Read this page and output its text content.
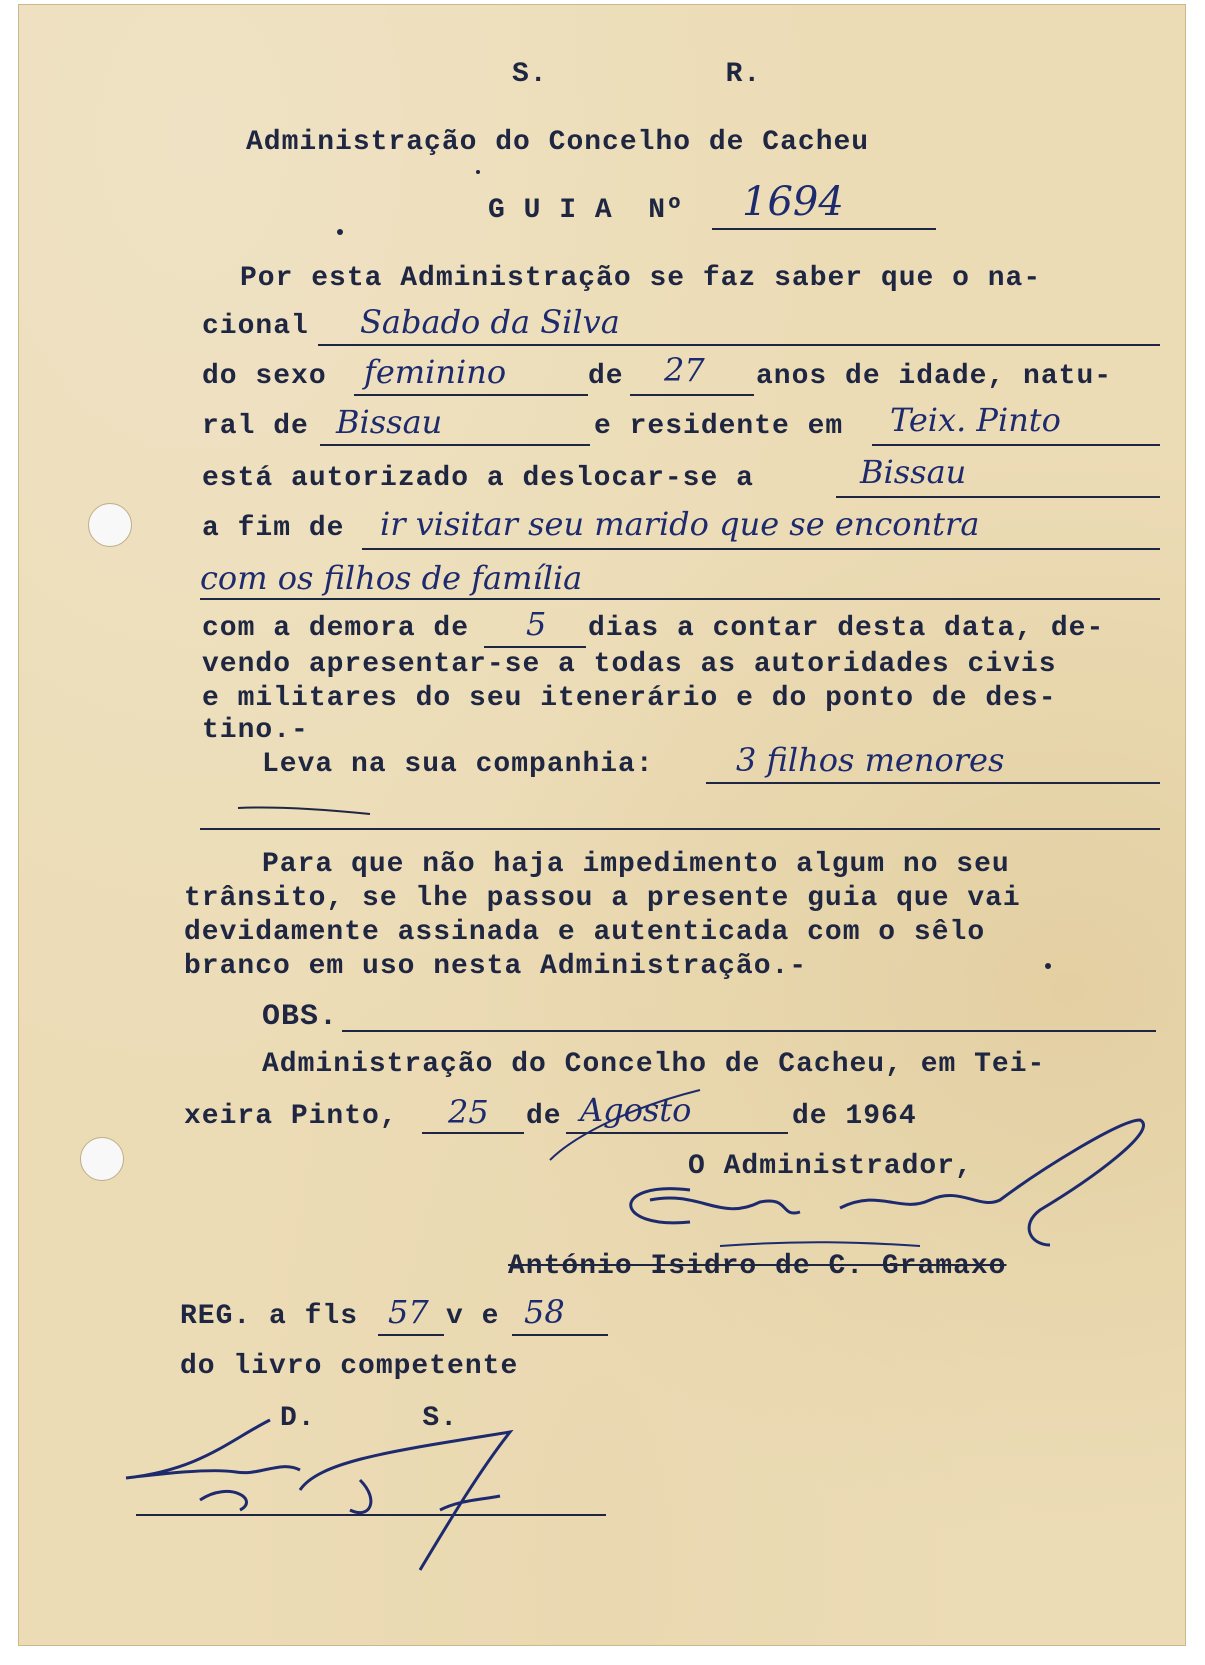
S.          R.
Administração do Concelho de Cacheu
G U I A  Nº 1694
Por esta Administração se faz saber que o na-
cional Sabado da Silva
do sexo feminino	de 27 anos de idade, natu-
ral de Bissau	e residente em Teix. Pinto
está autorizado a deslocar-se a	Bissau
a fim de ir visitar seu marido que se encontra
com os filhos de família
com a demora de 5 dias a contar desta data, de-
vendo apresentar-se a todas as autoridades civis
e militares do seu itenerário e do ponto de des-
tino.-
Leva na sua companhia:	3 filhos menores
Para que não haja impedimento algum no seu
trânsito, se lhe passou a presente guia que vai
devidamente assinada e autenticada com o sêlo
branco em uso nesta Administração.-
OBS.
Administração do Concelho de Cacheu, em Tei-
xeira Pinto, 25 de Agosto	de 1964
O Administrador,
António Isidro de C. Gramaxo
REG. a fls 57 v e 58
do livro competente
D.      S.
